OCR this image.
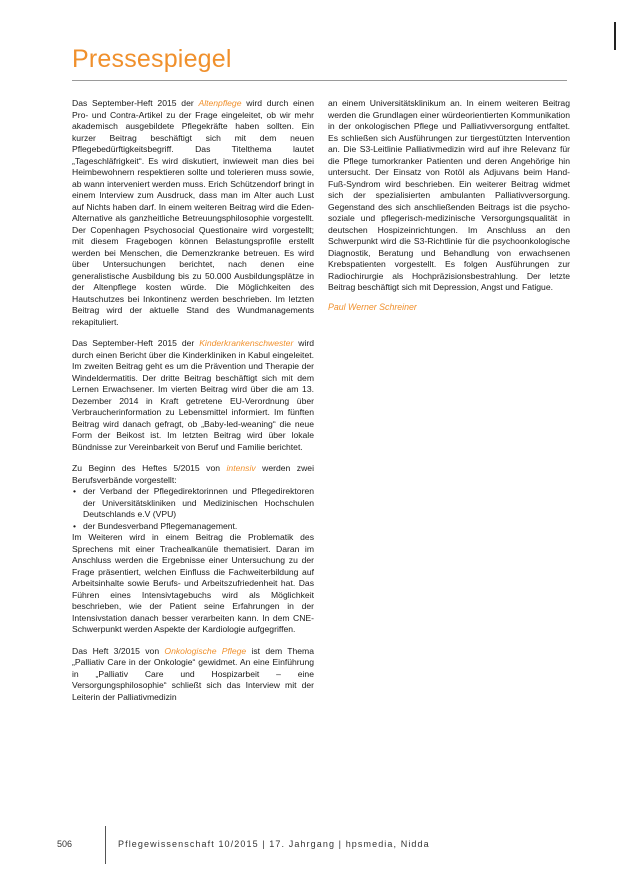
Pressespiegel

Das September-Heft 2015 der Altenpflege wird durch einen Pro- und Contra-Artikel zu der Frage eingeleitet, ob wir mehr akademisch ausgebildete Pflegekräfte haben sollten. Ein kurzer Beitrag beschäftigt sich mit dem neuen Pflegebedürftigkeitsbegriff. Das Titelthema lautet „Tageschläfrigkeit“. Es wird diskutiert, inwieweit man dies bei Heimbewohnern respektieren sollte und tolerieren muss sowie, ab wann interveniert werden muss. Erich Schützendorf bringt in einem Interview zum Ausdruck, dass man im Alter auch Lust auf Nichts haben darf. In einem weiteren Beitrag wird die Eden-Alternative als ganzheitliche Betreuungsphilosophie vorgestellt. Der Copenhagen Psychosocial Questionaire wird vorgestellt; mit diesem Fragebogen können Belastungsprofile erstellt werden bei Menschen, die Demenzkranke betreuen. Es wird über Untersuchungen berichtet, nach denen eine generalistische Ausbildung bis zu 50.000 Ausbildungsplätze in der Altenpflege kosten würde. Die Möglichkeiten des Hautschutzes bei Inkontinenz werden beschrieben. Im letzten Beitrag wird der aktuelle Stand des Wundmanagements rekapituliert.

Das September-Heft 2015 der Kinderkrankenschwester wird durch einen Bericht über die Kinderkliniken in Kabul eingeleitet. Im zweiten Beitrag geht es um die Prävention und Therapie der Windeldermatitis. Der dritte Beitrag beschäftigt sich mit dem Lernen Erwachsener. Im vierten Beitrag wird über die am 13. Dezember 2014 in Kraft getretene EU-Verordnung über Verbraucherinformation zu Lebensmittel informiert. Im fünften Beitrag wird danach gefragt, ob „Baby-led-weaning“ die neue Form der Beikost ist. Im letzten Beitrag wird über lokale Bündnisse zur Vereinbarkeit von Beruf und Familie berichtet.

Zu Beginn des Heftes 5/2015 von intensiv werden zwei Berufsverbände vorgestellt:

• der Verband der Pflegedirektorinnen und Pflegedirektoren der Universitätskliniken und Medizinischen Hochschulen Deutschlands e.V (VPU)
• der Bundesverband Pflegemanagement.

Im Weiteren wird in einem Beitrag die Problematik des Sprechens mit einer Trachealkanüle thematisiert. Daran im Anschluss werden die Ergebnisse einer Untersuchung zu der Frage präsentiert, welchen Einfluss die Fachweiterbildung auf Arbeitsinhalte sowie Berufs- und Arbeitszufriedenheit hat. Das Führen eines Intensivtagebuchs wird als Möglichkeit beschrieben, wie der Patient seine Erfahrungen in der Intensivstation danach besser verarbeiten kann. In dem CNE-Schwerpunkt werden Aspekte der Kardiologie aufgegriffen.

Das Heft 3/2015 von Onkologische Pflege ist dem Thema „Palliativ Care in der Onkologie“ gewidmet. An eine Einführung in „Palliativ Care und Hospizarbeit – eine Versorgungsphilosophie“ schließt sich das Interview mit der Leiterin der Palliativmedizin

an einem Universitätsklinikum an. In einem weiteren Beitrag werden die Grundlagen einer würdeorientierten Kommunikation in der onkologischen Pflege und Palliativversorgung entfaltet. Es schließen sich Ausführungen zur tiergestützten Intervention an. Die S3-Leitlinie Palliativmedizin wird auf ihre Relevanz für die Pflege tumorkranker Patienten und deren Angehörige hin untersucht. Der Einsatz von Rotöl als Adjuvans beim Hand-Fuß-Syndrom wird beschrieben. Ein weiterer Beitrag widmet sich der spezialisierten ambulanten Palliativversorgung. Gegenstand des sich anschließenden Beitrags ist die psycho-soziale und pflegerisch-medizinische Versorgungsqualität in deutschen Hospizeinrichtungen. Im Anschluss an den Schwerpunkt wird die S3-Richtlinie für die psychoonkologische Diagnostik, Beratung und Behandlung von erwachsenen Krebspatienten vorgestellt. Es folgen Ausführungen zur Radiochirurgie als Hochpräzisionsbestrahlung. Der letzte Beitrag beschäftigt sich mit Depression, Angst und Fatigue.

Paul Werner Schreiner
506	Pflegewissenschaft 10/2015 | 17. Jahrgang | hpsmedia, Nidda
